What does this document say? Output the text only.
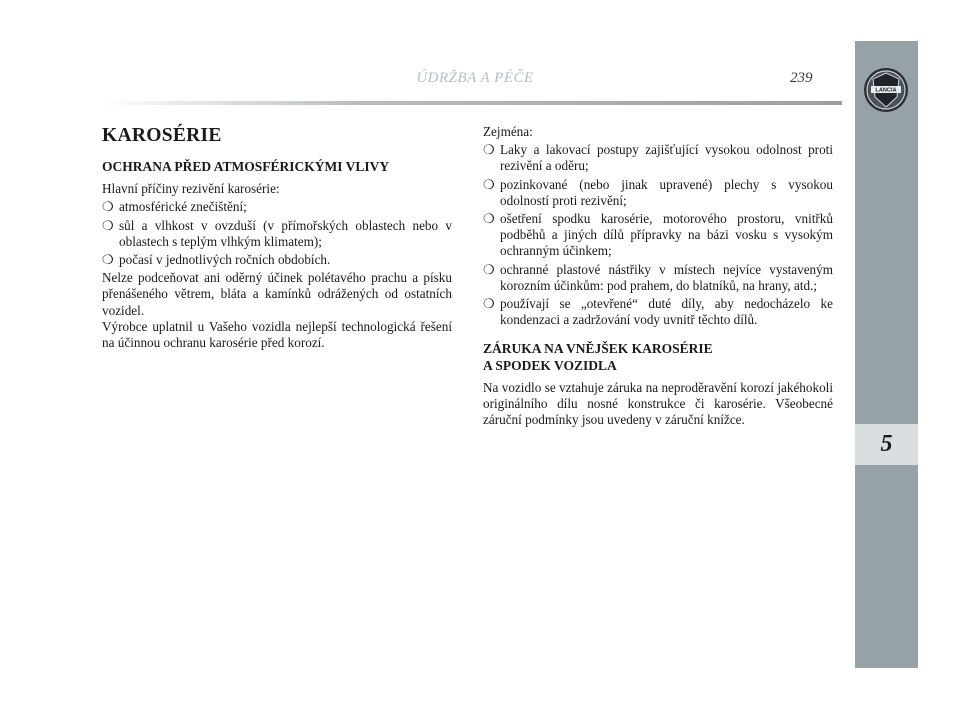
ÚDRŽBA A PÉČE	239
LANCIA
5
KAROSÉRIE
OCHRANA PŘED ATMOSFÉRICKÝMI VLIVY

Hlavní příčiny rezivění karosérie:

❍ atmosférické znečištění;
❍ sůl a vlhkost v ovzduší (v přímořských oblastech nebo v oblastech s teplým vlhkým klimatem);
❍ počasí v jednotlivých ročních obdobích.

Nelze podceňovat ani oděrný účinek polétavého prachu a písku přenášeného větrem, bláta a kamínků odrážených od ostatních vozidel.

Výrobce uplatnil u Vašeho vozidla nejlepší technologická řešení na účinnou ochranu karosérie před korozí.

Zejména:

❍ Laky a lakovací postupy zajišťující vysokou odolnost proti rezivění a oděru;
❍ pozinkované (nebo jinak upravené) plechy s vysokou odolností proti rezivění;
❍ ošetření spodku karosérie, motorového prostoru, vnitřků podběhů a jiných dílů přípravky na bázi vosku s vysokým ochranným účinkem;
❍ ochranné plastové nástřiky v místech nejvíce vystaveným korozním účinkům: pod prahem, do blatníků, na hrany, atd.;
❍ používají se „otevřené“ duté díly, aby nedocházelo ke kondenzaci a zadržování vody uvnitř těchto dílů.
ZÁRUKA NA VNĚJŠEK KAROSÉRIE
A SPODEK VOZIDLA

Na vozidlo se vztahuje záruka na neproděravění korozí jakéhokoli originálního dílu nosné konstrukce či karosérie. Všeobecné záruční podmínky jsou uvedeny v záruční knížce.
